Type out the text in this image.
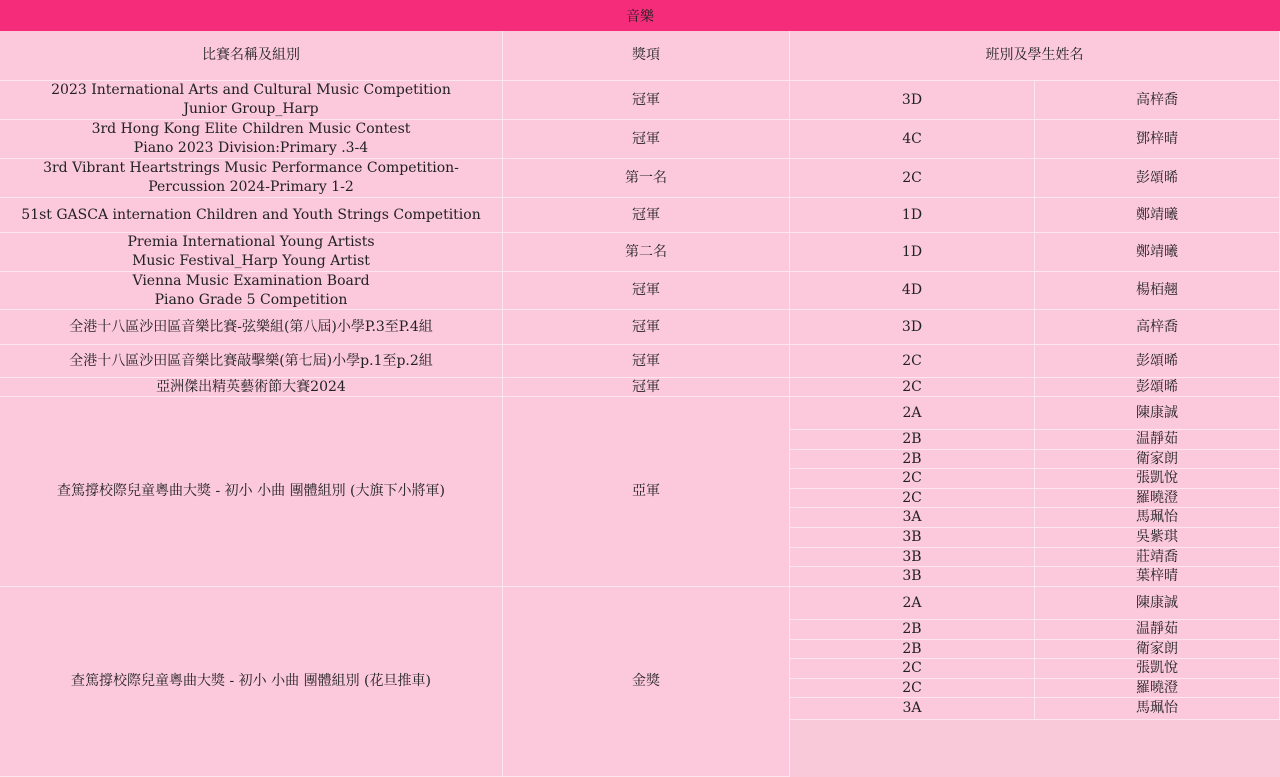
音樂
比賽名稱及組別	獎項	班別及學生姓名
2023 International Arts and Cultural Music Competition
Junior Group_Harp
冠軍	3D	高梓喬
3rd Hong Kong Elite Children Music Contest
Piano 2023 Division:Primary .3-4
冠軍	4C	鄧梓晴
3rd Vibrant Heartstrings Music Performance Competition-
Percussion 2024-Primary 1-2
第一名	2C	彭頌晞
51st GASCA internation Children and Youth Strings Competition	冠軍	1D	鄭靖曦
Premia International Young Artists
Music Festival_Harp Young Artist
第二名	1D	鄭靖曦
Vienna Music Examination Board
Piano Grade 5 Competition
冠軍	4D	楊栢翹
全港十八區沙田區音樂比賽-弦樂組(第八屆)小學P.3至P.4組	冠軍	3D	高梓喬
全港十八區沙田區音樂比賽敲擊樂(第七屆)小學p.1至p.2組	冠軍	2C	彭頌晞
亞洲傑出精英藝術節大賽2024	冠軍	2C	彭頌晞
查篤撐校際兒童粵曲大獎 - 初小 小曲 團體組別 (大旗下小將軍)	亞軍
2A	陳康誠
2B	温靜茹
2B	衛家朗
2C	張凱悅
2C	羅曉澄
3A	馬珮怡
3B	吳紫琪
3B	莊靖喬
3B	葉梓晴
查篤撐校際兒童粵曲大獎 - 初小 小曲 團體組別 (花旦推車)	金獎
2A	陳康誠
2B	温靜茹
2B	衛家朗
2C	張凱悅
2C	羅曉澄
3A	馬珮怡
